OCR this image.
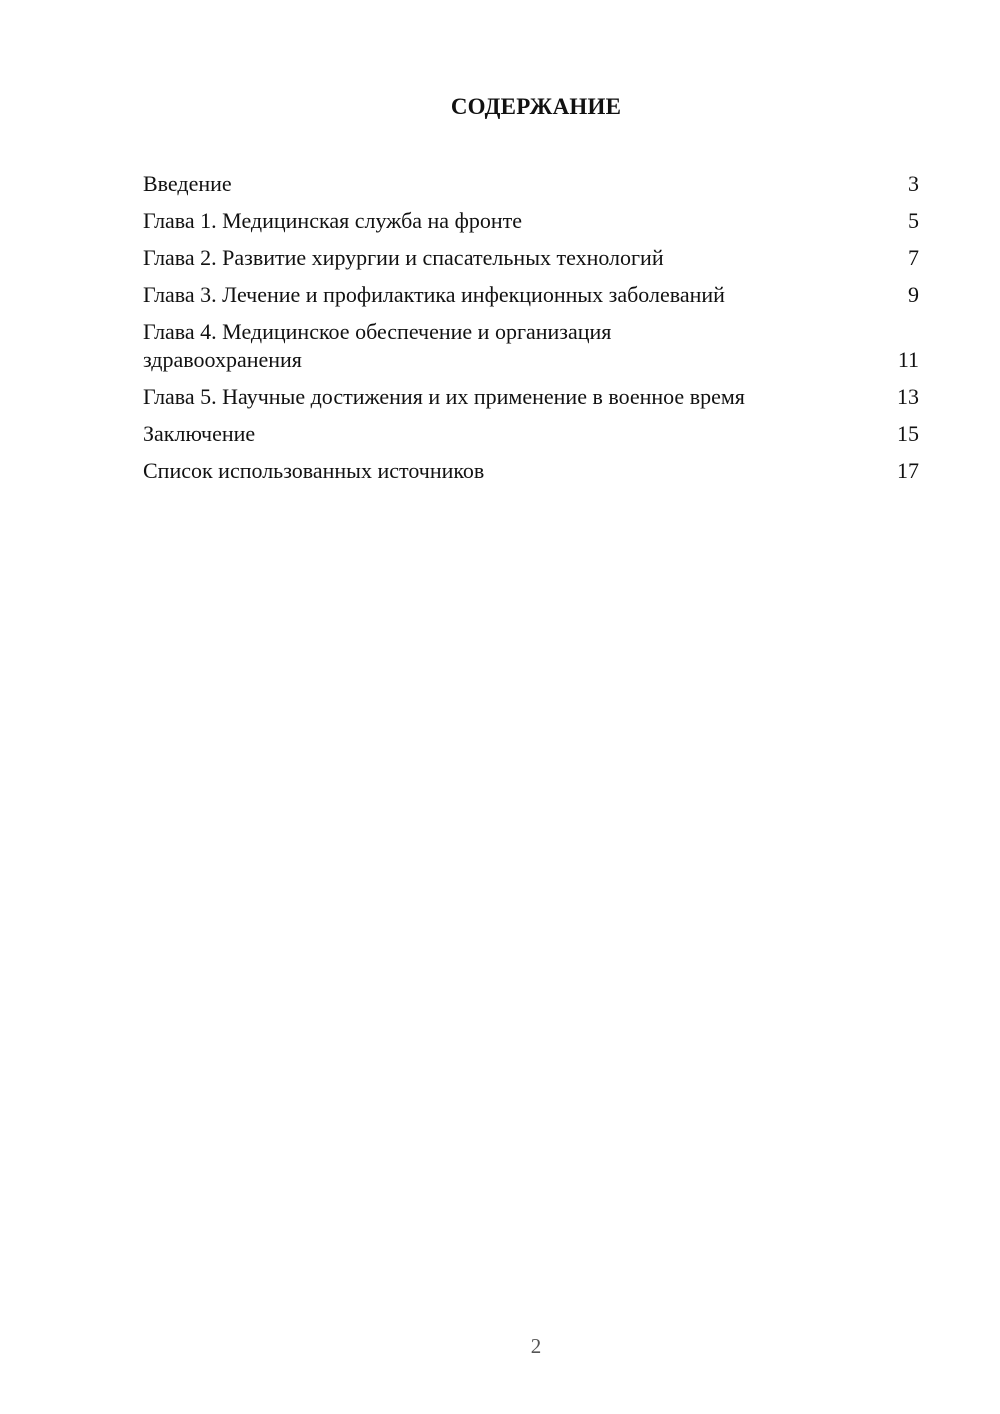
СОДЕРЖАНИЕ
Введение	3
Глава 1. Медицинская служба на фронте	5
Глава 2. Развитие хирургии и спасательных технологий	7
Глава 3. Лечение и профилактика инфекционных заболеваний	9
Глава 4. Медицинское обеспечение и организация здравоохранения	11
Глава 5. Научные достижения и их применение в военное время	13
Заключение	15
Список использованных источников	17
2
